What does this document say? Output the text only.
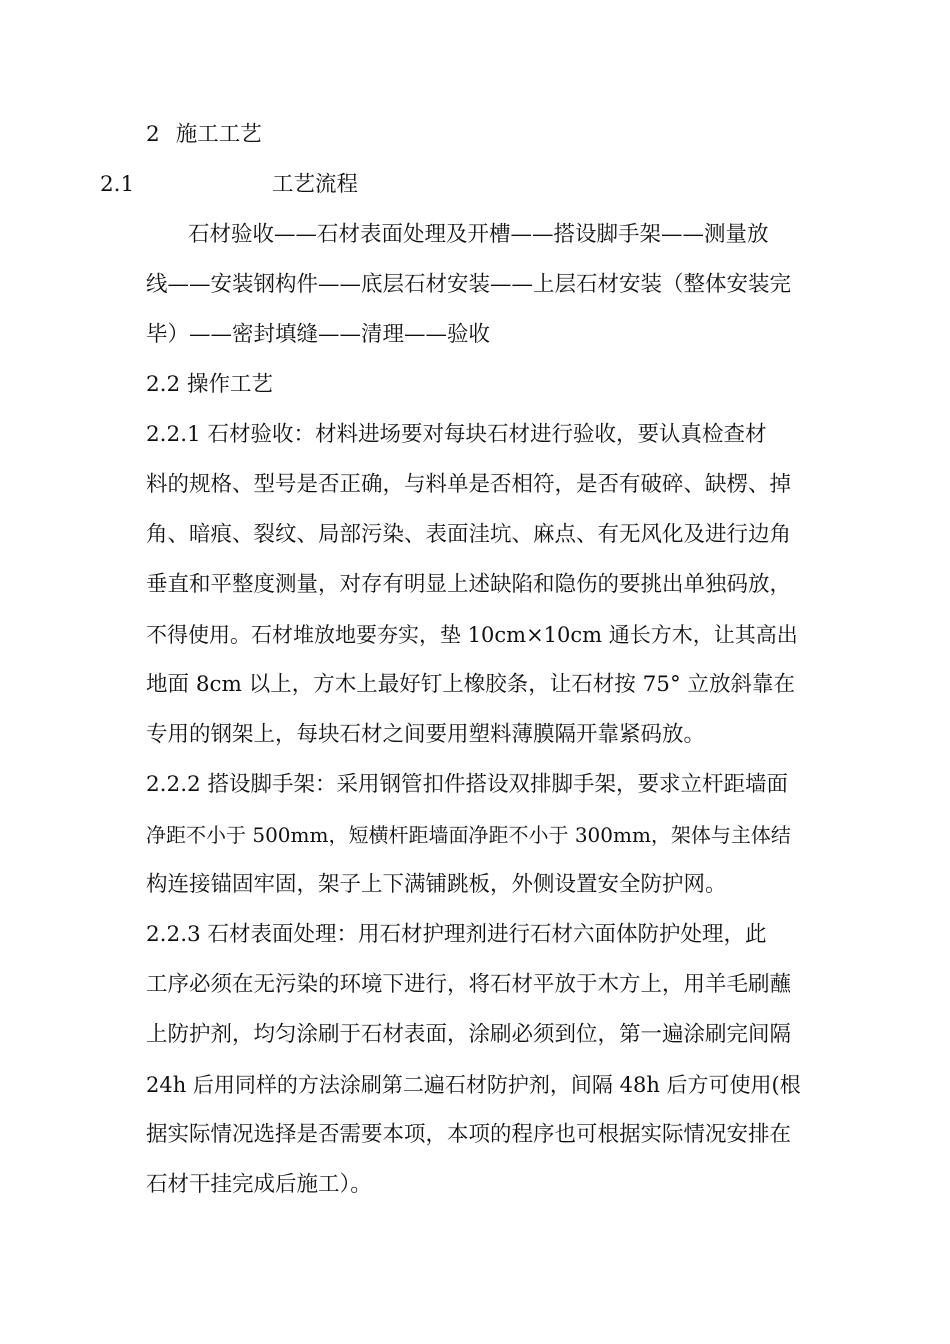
2 施工工艺
2.1	工艺流程
石材验收——石材表面处理及开槽——搭设脚手架——测量放
线——安装钢构件——底层石材安装——上层石材安装（整体安装完
毕）——密封填缝——清理——验收
2.2 操作工艺
2.2.1 石材验收：材料进场要对每块石材进行验收，要认真检查材
料的规格、型号是否正确，与料单是否相符，是否有破碎、缺楞、掉
角、暗痕、裂纹、局部污染、表面洼坑、麻点、有无风化及进行边角
垂直和平整度测量，对存有明显上述缺陷和隐伤的要挑出单独码放，
不得使用。石材堆放地要夯实，垫 10cm×10cm 通长方木，让其高出
地面 8cm 以上，方木上最好钉上橡胶条，让石材按 75° 立放斜靠在
专用的钢架上，每块石材之间要用塑料薄膜隔开靠紧码放。
2.2.2 搭设脚手架：采用钢管扣件搭设双排脚手架，要求立杆距墙面
净距不小于 500mm，短横杆距墙面净距不小于 300mm，架体与主体结
构连接锚固牢固，架子上下满铺跳板，外侧设置安全防护网。
2.2.3 石材表面处理：用石材护理剂进行石材六面体防护处理，此
工序必须在无污染的环境下进行，将石材平放于木方上，用羊毛刷蘸
上防护剂，均匀涂刷于石材表面，涂刷必须到位，第一遍涂刷完间隔
24h 后用同样的方法涂刷第二遍石材防护剂，间隔 48h 后方可使用(根
据实际情况选择是否需要本项，本项的程序也可根据实际情况安排在
石材干挂完成后施工）。
